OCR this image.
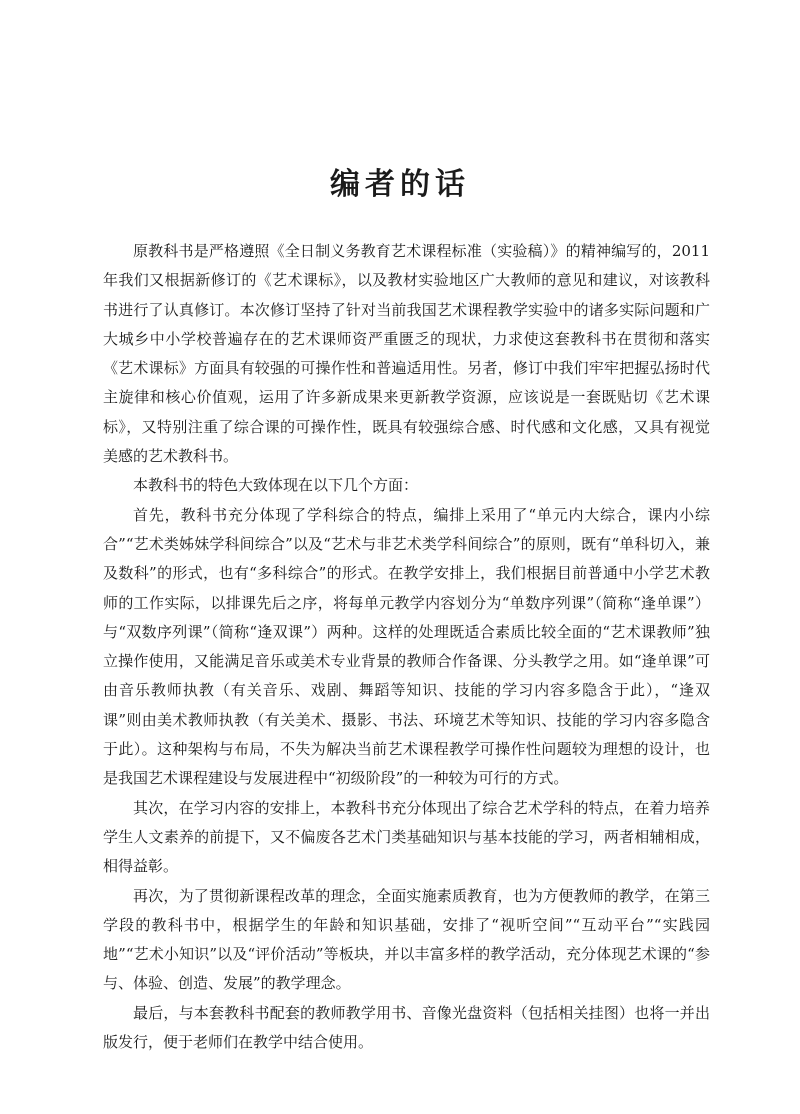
编者的话

原教科书是严格遵照《全日制义务教育艺术课程标准（实验稿）》的精神编写的，2011 年我们又根据新修订的《艺术课标》，以及教材实验地区广大教师的意见和建议，对该教科书进行了认真修订。本次修订坚持了针对当前我国艺术课程教学实验中的诸多实际问题和广大城乡中小学校普遍存在的艺术课师资严重匮乏的现状，力求使这套教科书在贯彻和落实《艺术课标》方面具有较强的可操作性和普遍适用性。另者，修订中我们牢牢把握弘扬时代主旋律和核心价值观，运用了许多新成果来更新教学资源，应该说是一套既贴切《艺术课标》，又特别注重了综合课的可操作性，既具有较强综合感、时代感和文化感，又具有视觉美感的艺术教科书。

本教科书的特色大致体现在以下几个方面：

首先，教科书充分体现了学科综合的特点，编排上采用了“单元内大综合，课内小综合”“艺术类姊妹学科间综合”以及“艺术与非艺术类学科间综合”的原则，既有“单科切入，兼及数科”的形式，也有“多科综合”的形式。在教学安排上，我们根据目前普通中小学艺术教师的工作实际，以排课先后之序，将每单元教学内容划分为“单数序列课”（简称“逢单课”）与“双数序列课”（简称“逢双课”）两种。这样的处理既适合素质比较全面的“艺术课教师”独立操作使用，又能满足音乐或美术专业背景的教师合作备课、分头教学之用。如“逢单课”可由音乐教师执教（有关音乐、戏剧、舞蹈等知识、技能的学习内容多隐含于此），“逢双课”则由美术教师执教（有关美术、摄影、书法、环境艺术等知识、技能的学习内容多隐含于此）。这种架构与布局，不失为解决当前艺术课程教学可操作性问题较为理想的设计，也是我国艺术课程建设与发展进程中“初级阶段”的一种较为可行的方式。

其次，在学习内容的安排上，本教科书充分体现出了综合艺术学科的特点，在着力培养学生人文素养的前提下，又不偏废各艺术门类基础知识与基本技能的学习，两者相辅相成，相得益彰。

再次，为了贯彻新课程改革的理念，全面实施素质教育，也为方便教师的教学，在第三学段的教科书中，根据学生的年龄和知识基础，安排了“视听空间”“互动平台”“实践园地”“艺术小知识”以及“评价活动”等板块，并以丰富多样的教学活动，充分体现艺术课的“参与、体验、创造、发展”的教学理念。

最后，与本套教科书配套的教师教学用书、音像光盘资料（包括相关挂图）也将一并出版发行，便于老师们在教学中结合使用。
